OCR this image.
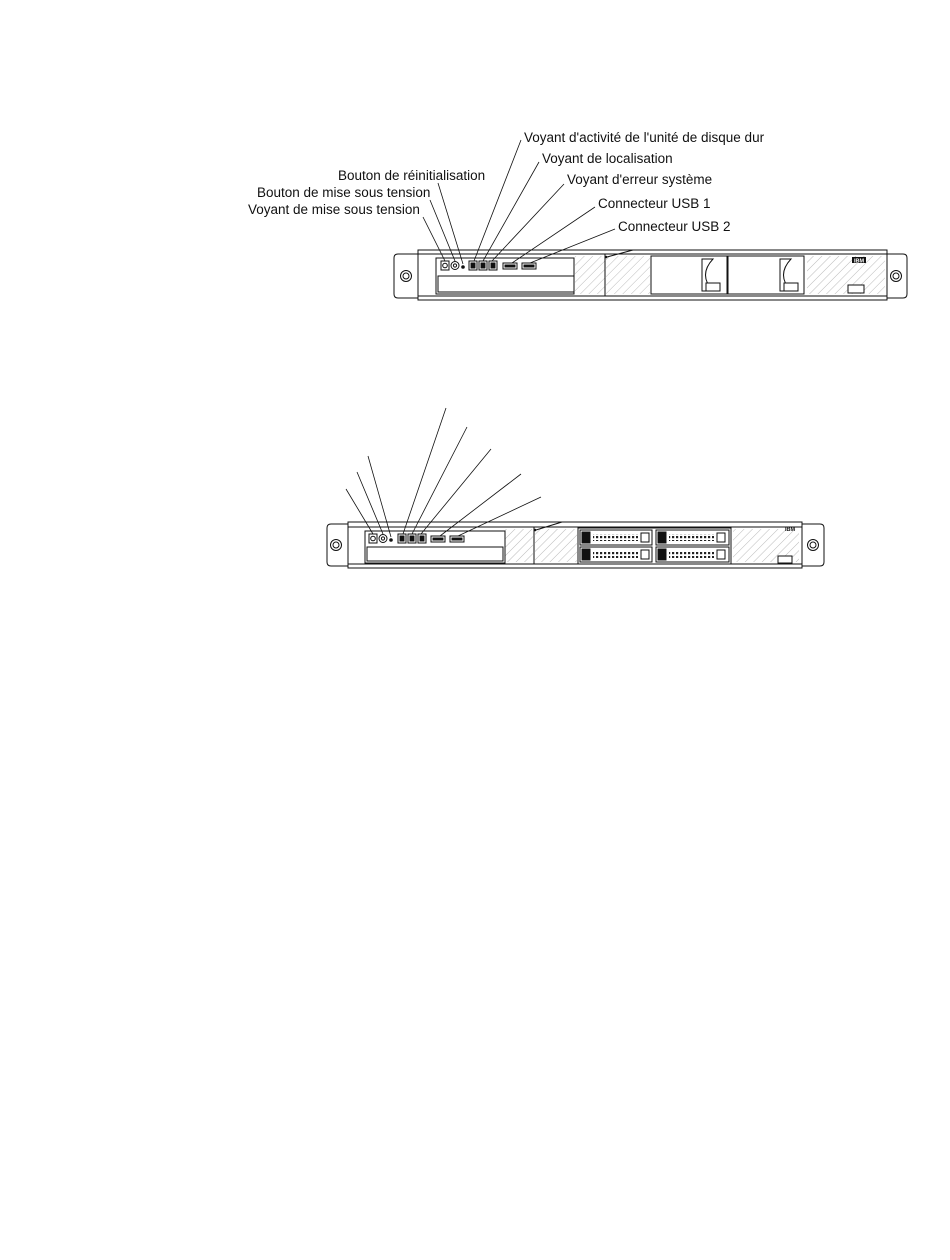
Voyant d'activité de l'unité de disque dur
Voyant de localisation
Voyant d'erreur système
Connecteur USB 1
Connecteur USB 2
Bouton de réinitialisation
Bouton de mise sous tension
Voyant de mise sous tension
IBM
IBM
